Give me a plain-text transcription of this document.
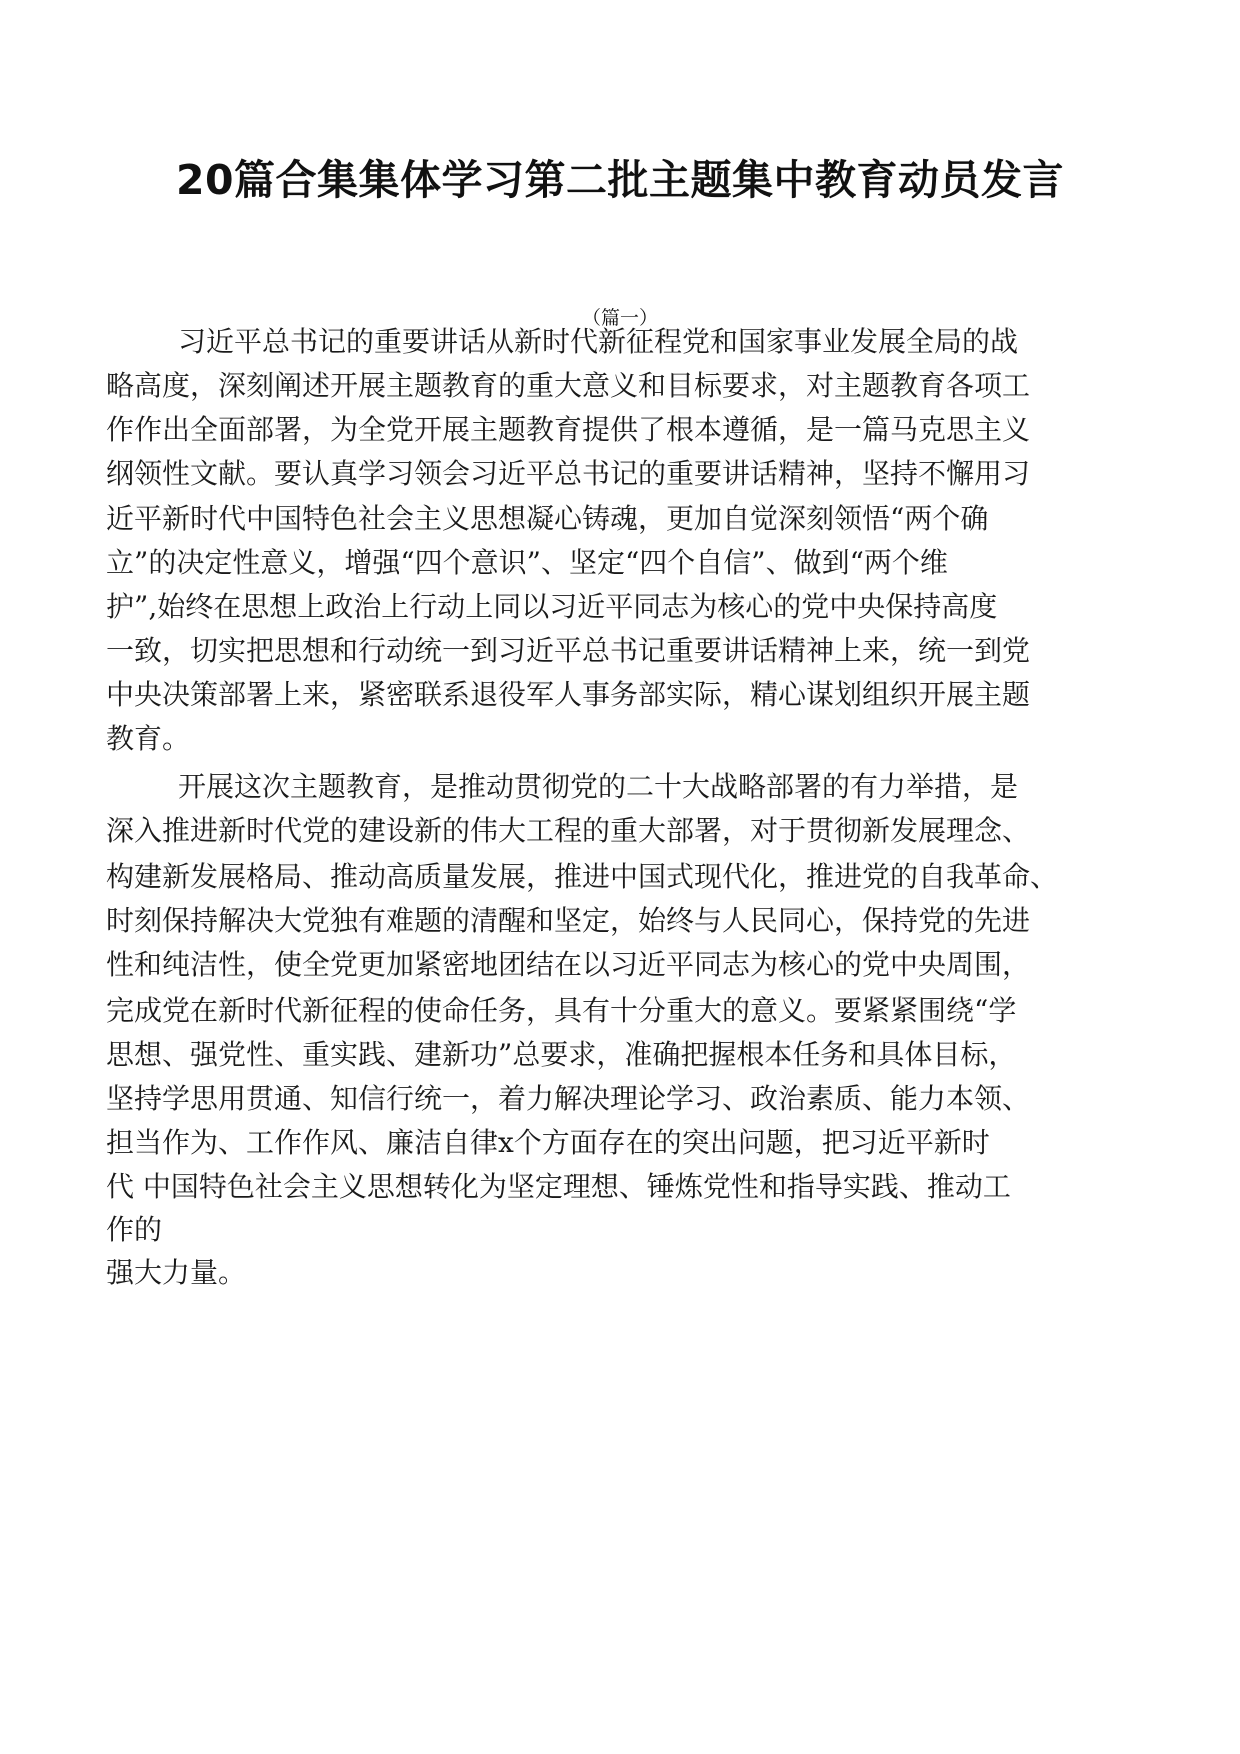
20篇合集集体学习第二批主题集中教育动员发言
（篇一）
习近平总书记的重要讲话从新时代新征程党和国家事业发展全局的战
略高度，深刻阐述开展主题教育的重大意义和目标要求，对主题教育各项工
作作出全面部署，为全党开展主题教育提供了根本遵循，是一篇马克思主义
纲领性文献。要认真学习领会习近平总书记的重要讲话精神，坚持不懈用习
近平新时代中国特色社会主义思想凝心铸魂，更加自觉深刻领悟“两个确
立”的决定性意义，增强“四个意识”、坚定“四个自信”、做到“两个维
护”,始终在思想上政治上行动上同以习近平同志为核心的党中央保持高度
一致，切实把思想和行动统一到习近平总书记重要讲话精神上来，统一到党
中央决策部署上来，紧密联系退役军人事务部实际，精心谋划组织开展主题
教育。
开展这次主题教育，是推动贯彻党的二十大战略部署的有力举措，是
深入推进新时代党的建设新的伟大工程的重大部署，对于贯彻新发展理念、
构建新发展格局、推动高质量发展，推进中国式现代化，推进党的自我革命、
时刻保持解决大党独有难题的清醒和坚定，始终与人民同心，保持党的先进
性和纯洁性，使全党更加紧密地团结在以习近平同志为核心的党中央周围，
完成党在新时代新征程的使命任务，具有十分重大的意义。要紧紧围绕“学
思想、强党性、重实践、建新功”总要求，准确把握根本任务和具体目标，
坚持学思用贯通、知信行统一，着力解决理论学习、政治素质、能力本领、
担当作为、工作作风、廉洁自律x个方面存在的突出问题，把习近平新时
代 中国特色社会主义思想转化为坚定理想、锤炼党性和指导实践、推动工
作的
强大力量。
